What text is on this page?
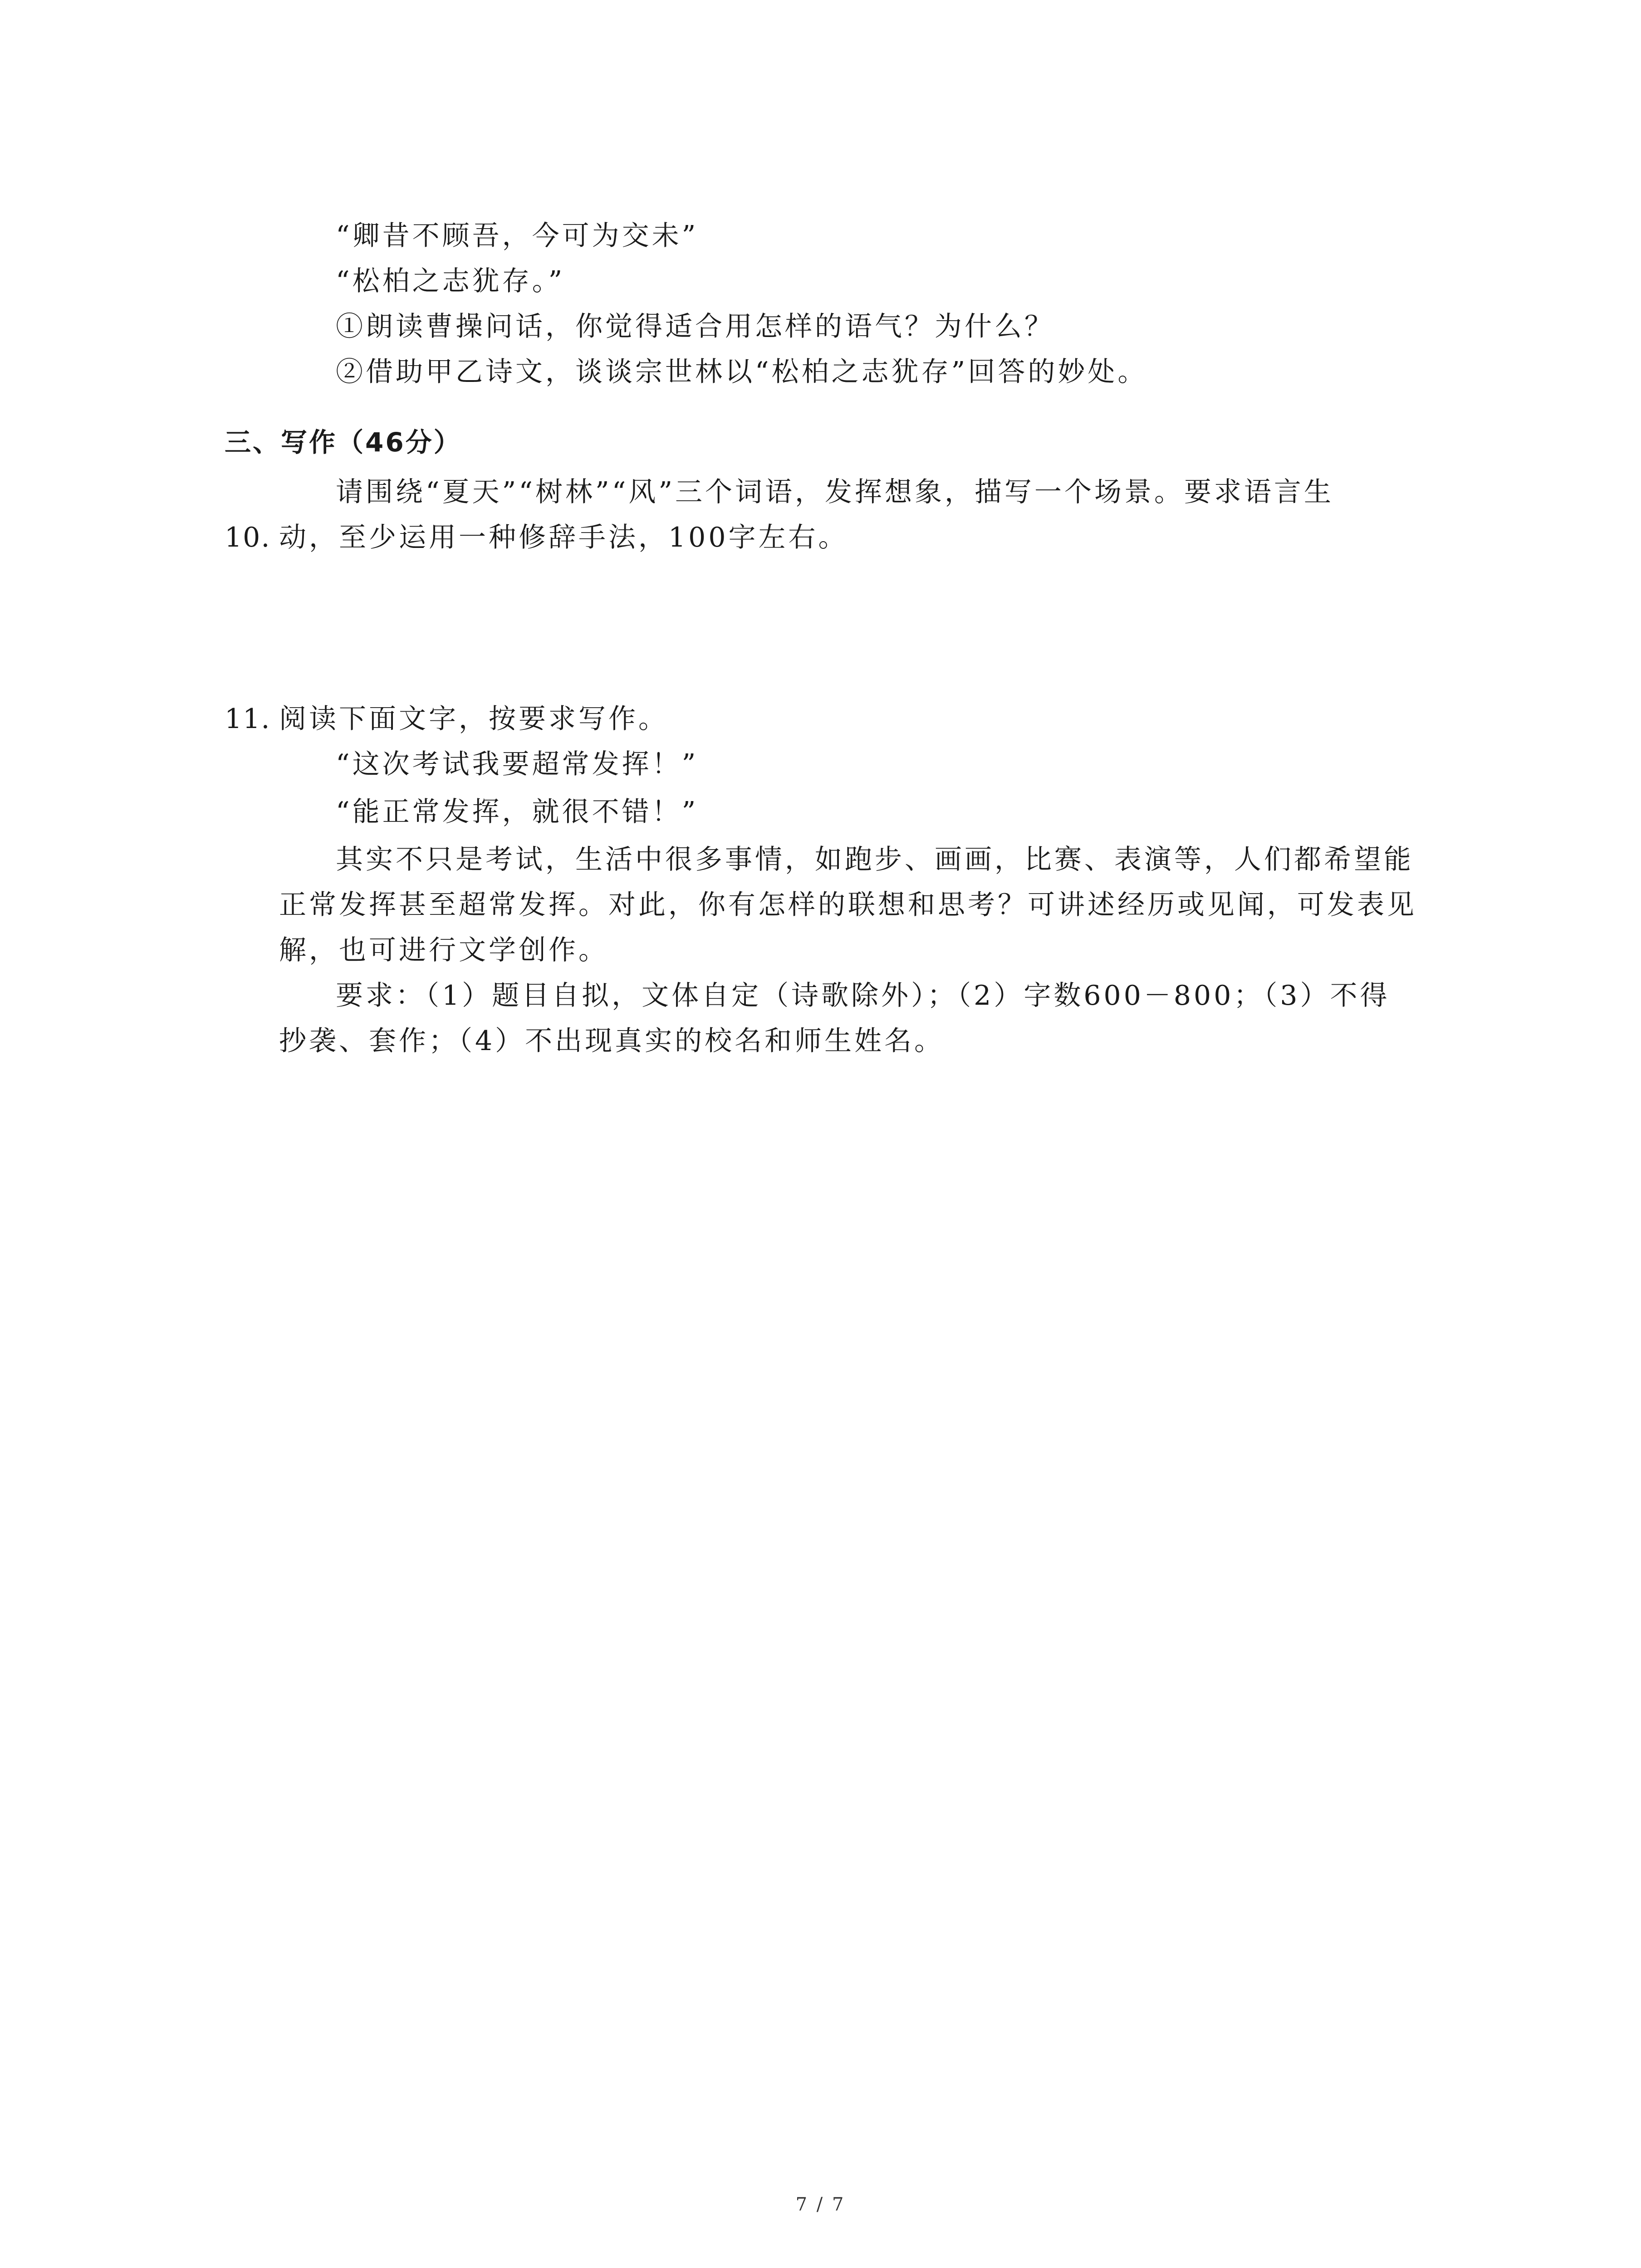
“卿昔不顾吾，今可为交未”
“松柏之志犹存。”
①朗读曹操问话，你觉得适合用怎样的语气？为什么？
②借助甲乙诗文，谈谈宗世林以“松柏之志犹存”回答的妙处。
三、写作（46分）
请围绕“夏天”“树林”“风”三个词语，发挥想象，描写一个场景。要求语言生
10. 动，至少运用一种修辞手法，100字左右。
11. 阅读下面文字，按要求写作。
“这次考试我要超常发挥！”
“能正常发挥，就很不错！”
其实不只是考试，生活中很多事情，如跑步、画画，比赛、表演等，人们都希望能
正常发挥甚至超常发挥。对此，你有怎样的联想和思考？可讲述经历或见闻，可发表见
解，也可进行文学创作。
要求：（1）题目自拟，文体自定（诗歌除外）；（2）字数600－800；（3）不得
抄袭、套作；（4）不出现真实的校名和师生姓名。
7 / 7
